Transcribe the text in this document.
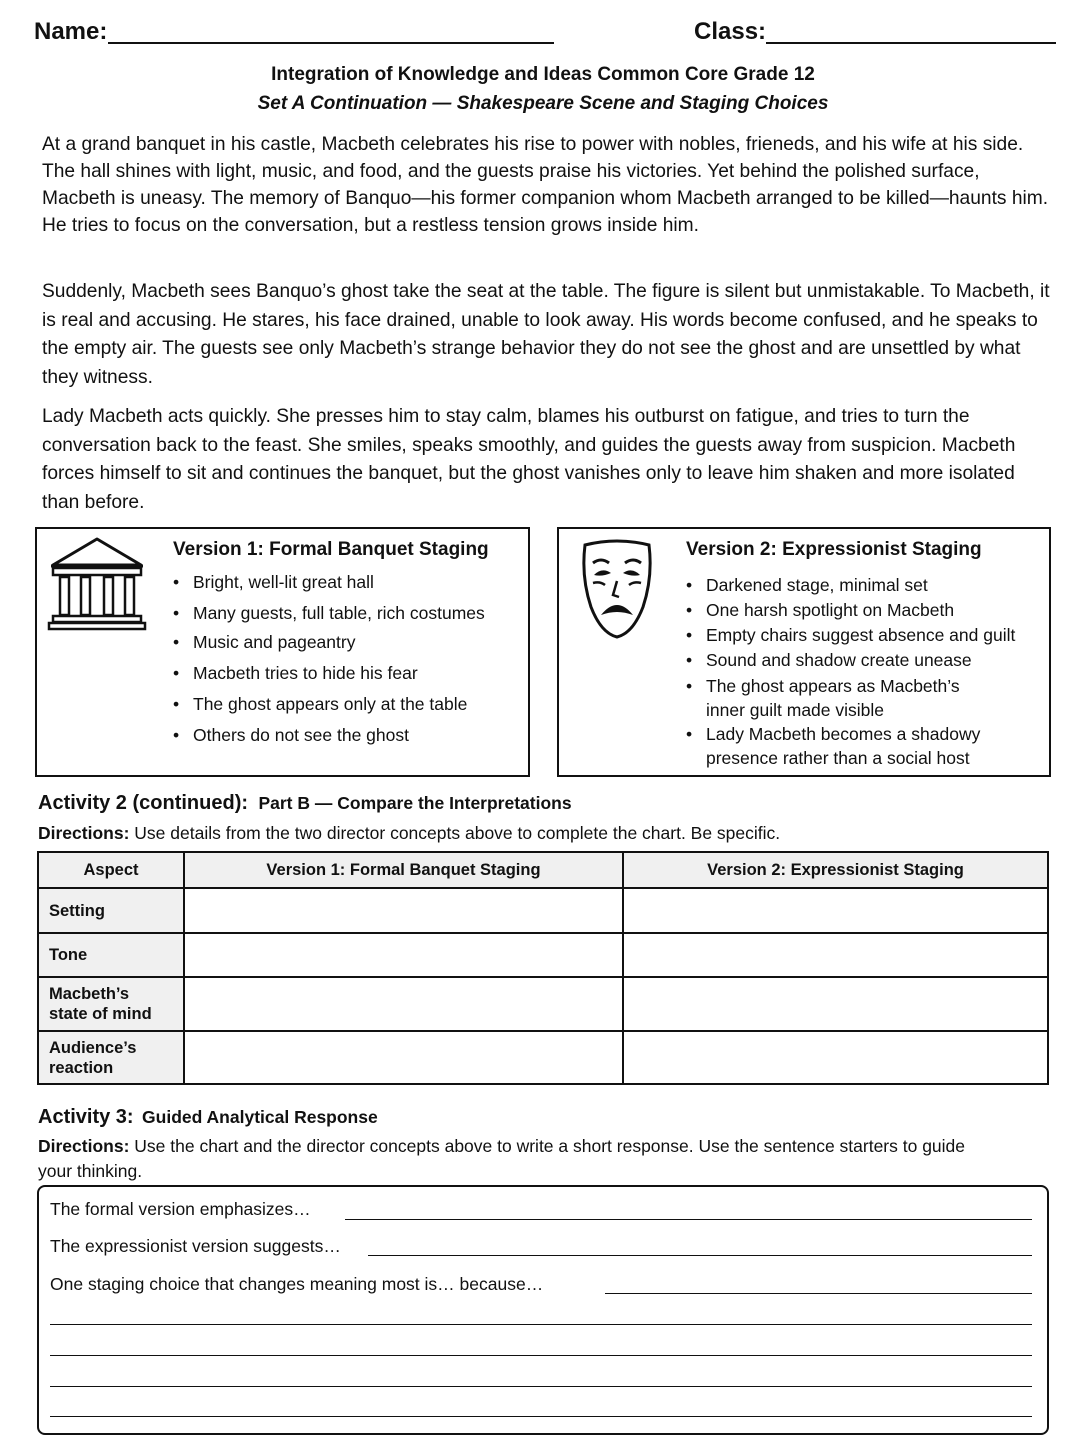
Name:	Class:
Integration of Knowledge and Ideas Common Core Grade 12
Set A Continuation — Shakespeare Scene and Staging Choices
At a grand banquet in his castle, Macbeth celebrates his rise to power with nobles, frieneds, and his wife at his side. The hall shines with light, music, and food, and the guests praise his victories. Yet behind the polished surface, Macbeth is uneasy. The memory of Banquo—his former companion whom Macbeth arranged to be killed—haunts him. He tries to focus on the conversation, but a restless tension grows inside him.
Suddenly, Macbeth sees Banquo’s ghost take the seat at the table. The figure is silent but unmistakable. To Macbeth, it is real and accusing. He stares, his face drained, unable to look away. His words become confused, and he speaks to the empty air. The guests see only Macbeth’s strange behavior they do not see the ghost and are unsettled by what they witness.
Lady Macbeth acts quickly. She presses him to stay calm, blames his outburst on fatigue, and tries to turn the conversation back to the feast. She smiles, speaks smoothly, and guides the guests away from suspicion. Macbeth forces himself to sit and continues the banquet, but the ghost vanishes only to leave him shaken and more isolated than before.
Version 1: Formal Banquet Staging
• Bright, well-lit great hall
• Many guests, full table, rich costumes
• Music and pageantry
• Macbeth tries to hide his fear
• The ghost appears only at the table
• Others do not see the ghost
Version 2: Expressionist Staging
• Darkened stage, minimal set
• One harsh spotlight on Macbeth
• Empty chairs suggest absence and guilt
• Sound and shadow create unease
• The ghost appears as Macbeth’s inner guilt made visible
• Lady Macbeth becomes a shadowy presence rather than a social host
Activity 2 (continued): Part B — Compare the Interpretations
Directions: Use details from the two director concepts above to complete the chart. Be specific.
Aspect	Version 1: Formal Banquet Staging	Version 2: Expressionist Staging
Setting		
Tone		
Macbeth’s
state of mind		
Audience’s
reaction		
Activity 3: Guided Analytical Response
Directions: Use the chart and the director concepts above to write a short response. Use the sentence starters to guide your thinking.
The formal version emphasizes…
The expressionist version suggests…
One staging choice that changes meaning most is… because…
